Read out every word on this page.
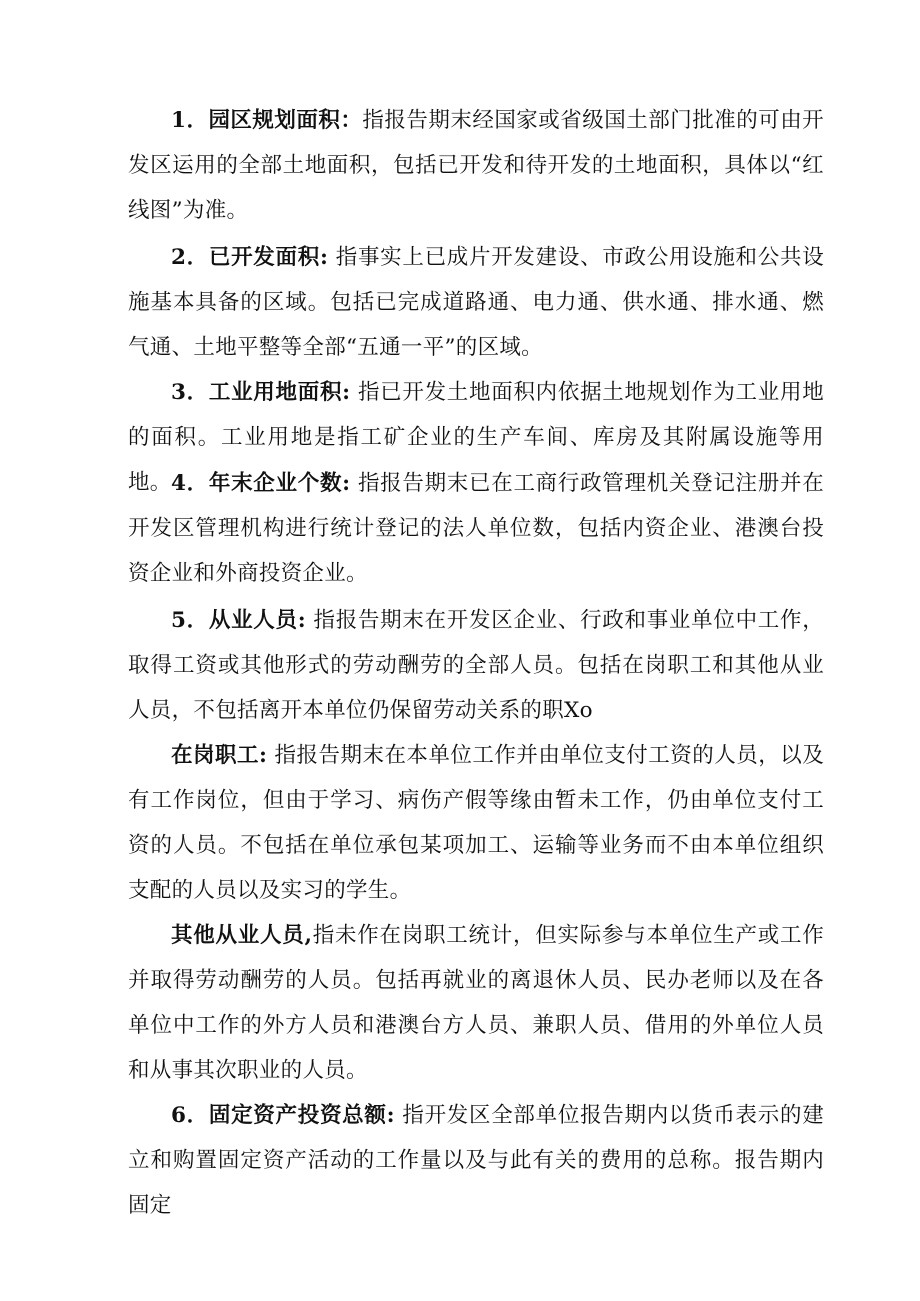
1．园区规划面积：指报告期末经国家或省级国土部门批准的可由开发区运用的全部土地面积，包括已开发和待开发的土地面积，具体以“红线图”为准。

2．已开发面积: 指事实上已成片开发建设、市政公用设施和公共设施基本具备的区域。包括已完成道路通、电力通、供水通、排水通、燃气通、土地平整等全部“五通一平”的区域。

3．工业用地面积: 指已开发土地面积内依据土地规划作为工业用地的面积。工业用地是指工矿企业的生产车间、库房及其附属设施等用地。 4．年末企业个数: 指报告期末已在工商行政管理机关登记注册并在开发区管理机构进行统计登记的法人单位数，包括内资企业、港澳台投资企业和外商投资企业。

5．从业人员: 指报告期末在开发区企业、行政和事业单位中工作，取得工资或其他形式的劳动酬劳的全部人员。包括在岗职工和其他从业人员，不包括离开本单位仍保留劳动关系的职Xo

在岗职工: 指报告期末在本单位工作并由单位支付工资的人员，以及有工作岗位，但由于学习、病伤产假等缘由暂未工作，仍由单位支付工资的人员。不包括在单位承包某项加工、运输等业务而不由本单位组织支配的人员以及实习的学生。

其他从业人员,指未作在岗职工统计，但实际参与本单位生产或工作并取得劳动酬劳的人员。包括再就业的离退休人员、民办老师以及在各单位中工作的外方人员和港澳台方人员、兼职人员、借用的外单位人员和从事其次职业的人员。

6．固定资产投资总额: 指开发区全部单位报告期内以货币表示的建立和购置固定资产活动的工作量以及与此有关的费用的总称。报告期内固定
